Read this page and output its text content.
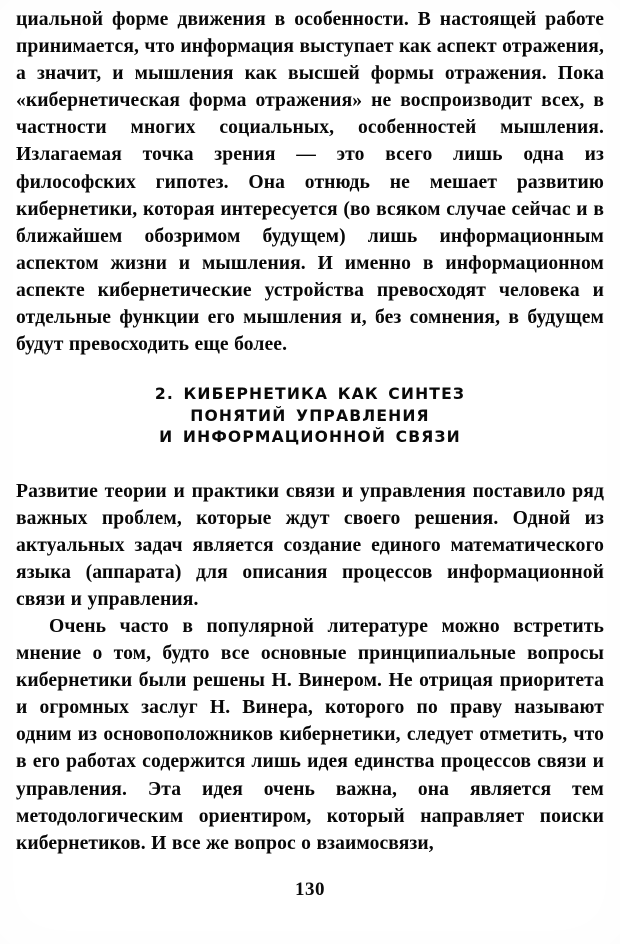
циальной форме движения в особенности. В настоящей работе принимается, что информация выступает как аспект отражения, а значит, и мышления как высшей формы отражения. Пока «кибернетическая форма отражения» не воспроизводит всех, в частности многих социальных, особенностей мышления. Излагаемая точка зрения — это всего лишь одна из философских гипотез. Она отнюдь не мешает развитию кибернетики, которая интересуется (во всяком случае сейчас и в ближайшем обозримом будущем) лишь информационным аспектом жизни и мышления. И именно в информационном аспекте кибернетические устройства превосходят человека и отдельные функции его мышления и, без сомнения, в будущем будут превосходить еще более.

2. КИБЕРНЕТИКА КАК СИНТЕЗ
ПОНЯТИЙ УПРАВЛЕНИЯ
И ИНФОРМАЦИОННОЙ СВЯЗИ

Развитие теории и практики связи и управления поставило ряд важных проблем, которые ждут своего решения. Одной из актуальных задач является создание единого математического языка (аппарата) для описания процессов информационной связи и управления.

Очень часто в популярной литературе можно встретить мнение о том, будто все основные принципиальные вопросы кибернетики были решены Н. Винером. Не отрицая приоритета и огромных заслуг Н. Винера, которого по праву называют одним из основоположников кибернетики, следует отметить, что в его работах содержится лишь идея единства процессов связи и управления. Эта идея очень важна, она является тем методологическим ориентиром, который направляет поиски кибернетиков. И все же вопрос о взаимосвязи,

130
